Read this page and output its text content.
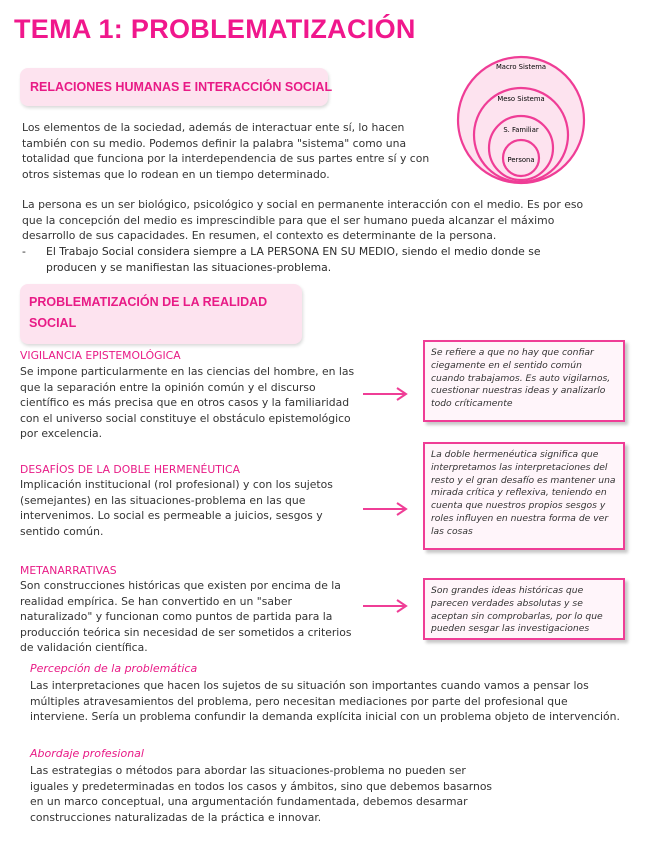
TEMA 1: PROBLEMATIZACIÓN
RELACIONES HUMANAS E INTERACCIÓN SOCIAL
Macro Sistema
Meso Sistema
S. Familiar
Persona
Los elementos de la sociedad, además de interactuar ente sí, lo hacen también con su medio. Podemos definir la palabra "sistema" como una totalidad que funciona por la interdependencia de sus partes entre sí y con otros sistemas que lo rodean en un tiempo determinado.
La persona es un ser biológico, psicológico y social en permanente interacción con el medio. Es por eso que la concepción del medio es imprescindible para que el ser humano pueda alcanzar el máximo desarrollo de sus capacidades. En resumen, el contexto es determinante de la persona.
- El Trabajo Social considera siempre a LA PERSONA EN SU MEDIO, siendo el medio donde se producen y se manifiestan las situaciones-problema.
PROBLEMATIZACIÓN DE LA REALIDAD
SOCIAL
VIGILANCIA EPISTEMOLÓGICA
Se impone particularmente en las ciencias del hombre, en las que la separación entre la opinión común y el discurso científico es más precisa que en otros casos y la familiaridad con el universo social constituye el obstáculo epistemológico por excelencia.
Se refiere a que no hay que confiar ciegamente en el sentido común cuando trabajamos. Es auto vigilarnos, cuestionar nuestras ideas y analizarlo todo críticamente
DESAFÍOS DE LA DOBLE HERMENÉUTICA
Implicación institucional (rol profesional) y con los sujetos (semejantes) en las situaciones-problema en las que intervenimos. Lo social es permeable a juicios, sesgos y sentido común.
La doble hermenéutica significa que interpretamos las interpretaciones del resto y el gran desafío es mantener una mirada crítica y reflexiva, teniendo en cuenta que nuestros propios sesgos y roles influyen en nuestra forma de ver las cosas
METANARRATIVAS
Son construcciones históricas que existen por encima de la realidad empírica. Se han convertido en un "saber naturalizado" y funcionan como puntos de partida para la producción teórica sin necesidad de ser sometidos a criterios de validación científica.
Son grandes ideas históricas que parecen verdades absolutas y se aceptan sin comprobarlas, por lo que pueden sesgar las investigaciones
Percepción de la problemática
Las interpretaciones que hacen los sujetos de su situación son importantes cuando vamos a pensar los múltiples atravesamientos del problema, pero necesitan mediaciones por parte del profesional que interviene. Sería un problema confundir la demanda explícita inicial con un problema objeto de intervención.
Abordaje profesional
Las estrategias o métodos para abordar las situaciones-problema no pueden ser iguales y predeterminadas en todos los casos y ámbitos, sino que debemos basarnos en un marco conceptual, una argumentación fundamentada, debemos desarmar construcciones naturalizadas de la práctica e innovar.
